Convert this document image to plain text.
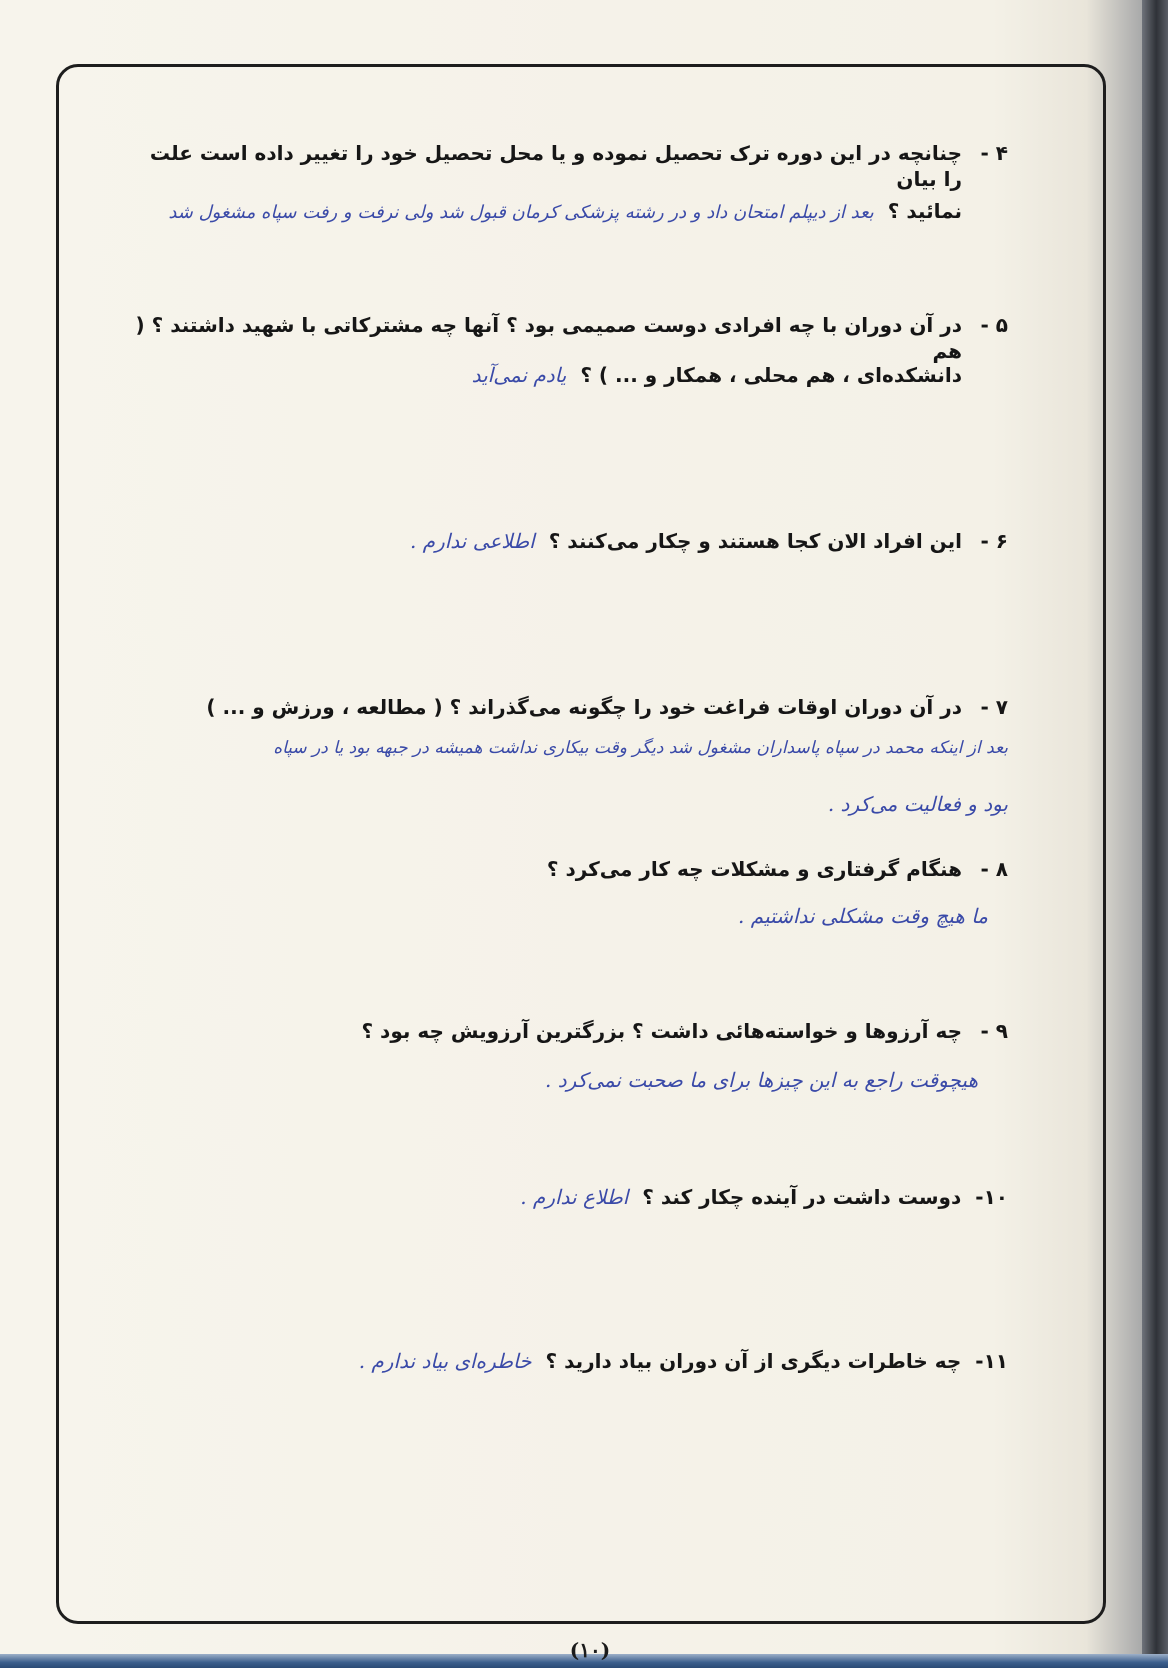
۴ -
چنانچه در این دوره ترک تحصیل نموده و یا محل تحصیل خود را تغییر داده است علت را بیان
نمائید ؟
بعد از دیپلم امتحان داد و در رشته پزشکی کرمان قبول شد ولی نرفت و رفت سپاه مشغول شد
۵ -
در آن دوران با چه افرادی دوست صمیمی بود ؟ آنها چه مشترکاتی با شهید داشتند ؟ ( هم
دانشکده‌ای ، هم محلی ، همکار و ... ) ؟
یادم نمی‌آید
۶ -
این افراد الان کجا هستند و چکار می‌کنند ؟
اطلاعی ندارم .
۷ -
در آن دوران اوقات فراغت خود را چگونه می‌گذراند ؟ ( مطالعه ، ورزش و ... )
بعد از اینکه محمد در سپاه پاسداران مشغول شد دیگر وقت بیکاری نداشت همیشه در جبهه بود یا در سپاه
بود و فعالیت می‌کرد .
۸ -
هنگام گرفتاری و مشکلات چه کار می‌کرد ؟
ما هیچ وقت مشکلی نداشتیم .
۹ -
چه آرزوها و خواسته‌هائی داشت ؟ بزرگترین آرزویش چه بود ؟
هیچوقت راجع به این چیزها برای ما صحبت نمی‌کرد .
۱۰-
دوست داشت در آینده چکار کند ؟
اطلاع ندارم .
۱۱-
چه خاطرات دیگری از آن دوران بیاد دارید ؟
خاطره‌ای بیاد ندارم .
(۱۰)
